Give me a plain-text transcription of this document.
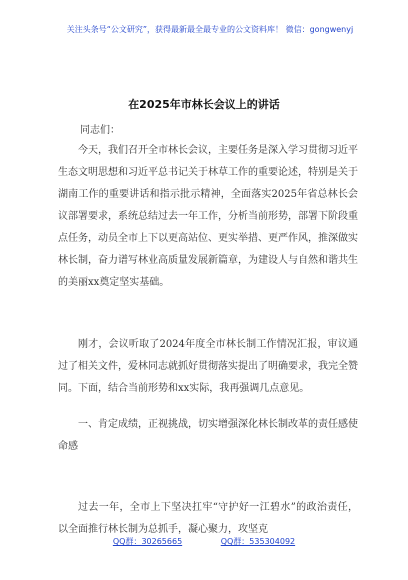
关注头条号“公文研究”，获得最新最全最专业的公文资料库！ 微信：gongwenyj
在2025年市林长会议上的讲话
同志们：
今天，我们召开全市林长会议，主要任务是深入学习贯彻习近平生态文明思想和习近平总书记关于林草工作的重要论述，特别是关于湖南工作的重要讲话和指示批示精神，全面落实2025年省总林长会议部署要求，系统总结过去一年工作，分析当前形势，部署下阶段重点任务，动员全市上下以更高站位、更实举措、更严作风，推深做实林长制，奋力谱写林业高质量发展新篇章，为建设人与自然和谐共生的美丽xx奠定坚实基础。
刚才，会议听取了2024年度全市林长制工作情况汇报，审议通过了相关文件，爱林同志就抓好贯彻落实提出了明确要求，我完全赞同。下面，结合当前形势和xx实际，我再强调几点意见。
一、肯定成绩，正视挑战，切实增强深化林长制改革的责任感使命感
过去一年，全市上下坚决扛牢“守护好一江碧水”的政治责任，以全面推行林长制为总抓手，凝心聚力，攻坚克
QQ群：30265665	QQ群：535304092
